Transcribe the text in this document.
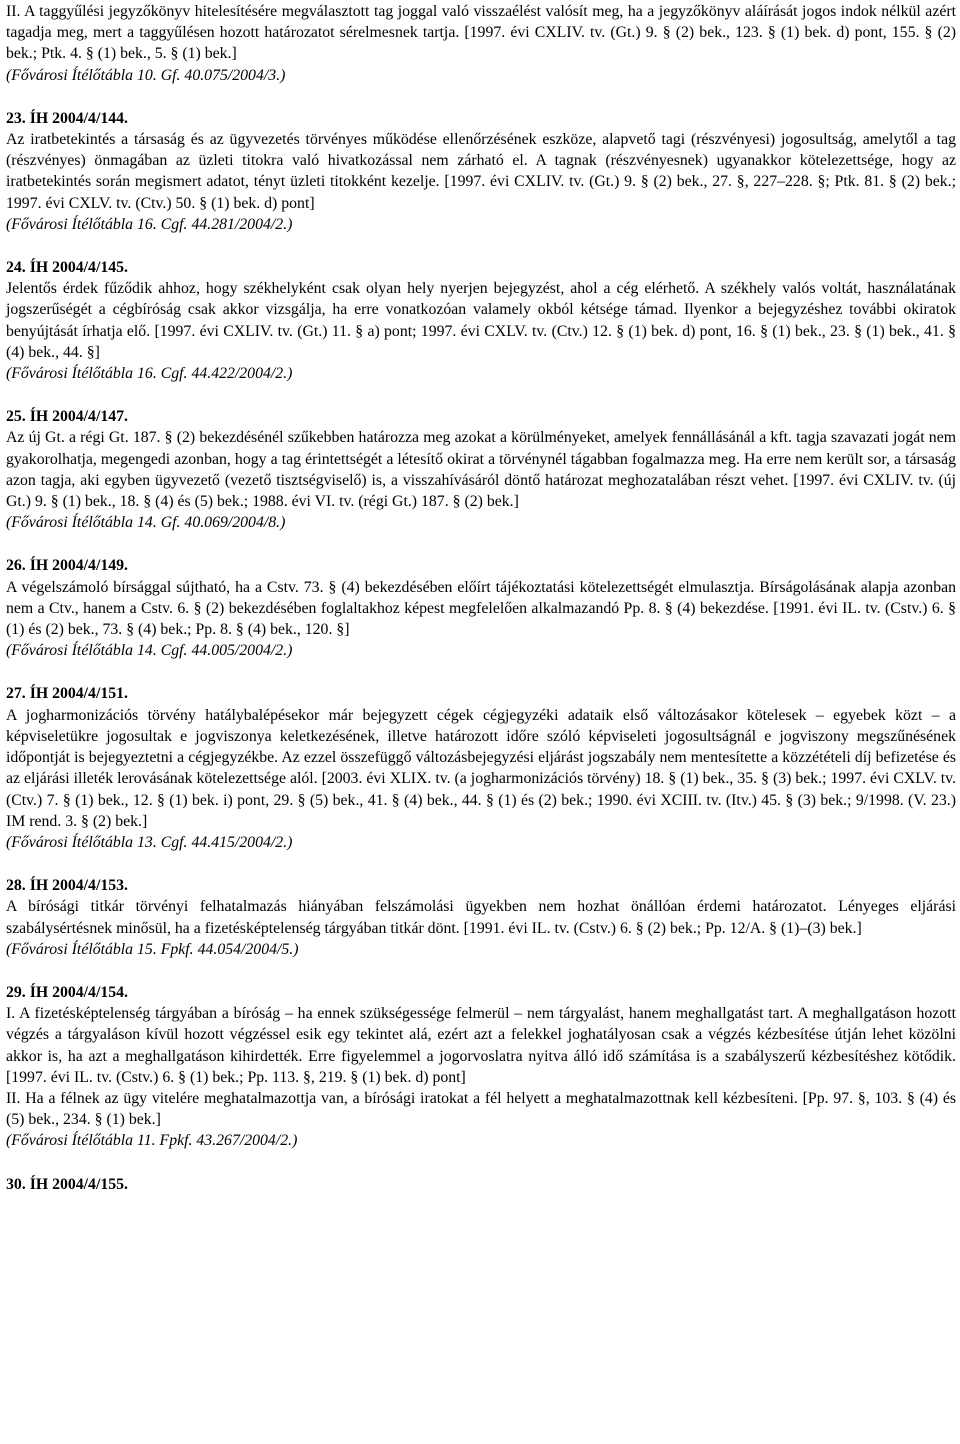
II. A taggyűlési jegyzőkönyv hitelesítésére megválasztott tag joggal való visszaélést valósít meg, ha a jegyzőkönyv aláírását jogos indok nélkül azért tagadja meg, mert a taggyűlésen hozott határozatot sérelmesnek tartja. [1997. évi CXLIV. tv. (Gt.) 9. § (2) bek., 123. § (1) bek. d) pont, 155. § (2) bek.; Ptk. 4. § (1) bek., 5. § (1) bek.]
(Fővárosi Ítélőtábla 10. Gf. 40.075/2004/3.)
23. ÍH 2004/4/144.
Az iratbetekintés a társaság és az ügyvezetés törvényes működése ellenőrzésének eszköze, alapvető tagi (részvényesi) jogosultság, amelytől a tag (részvényes) önmagában az üzleti titokra való hivatkozással nem zárható el. A tagnak (részvényesnek) ugyanakkor kötelezettsége, hogy az iratbetekintés során megismert adatot, tényt üzleti titokként kezelje. [1997. évi CXLIV. tv. (Gt.) 9. § (2) bek., 27. §, 227–228. §; Ptk. 81. § (2) bek.; 1997. évi CXLV. tv. (Ctv.) 50. § (1) bek. d) pont]
(Fővárosi Ítélőtábla 16. Cgf. 44.281/2004/2.)
24. ÍH 2004/4/145.
Jelentős érdek fűződik ahhoz, hogy székhelyként csak olyan hely nyerjen bejegyzést, ahol a cég elérhető. A székhely valós voltát, használatának jogszerűségét a cégbíróság csak akkor vizsgálja, ha erre vonatkozóan valamely okból kétsége támad. Ilyenkor a bejegyzéshez további okiratok benyújtását írhatja elő. [1997. évi CXLIV. tv. (Gt.) 11. § a) pont; 1997. évi CXLV. tv. (Ctv.) 12. § (1) bek. d) pont, 16. § (1) bek., 23. § (1) bek., 41. § (4) bek., 44. §]
(Fővárosi Ítélőtábla 16. Cgf. 44.422/2004/2.)
25. ÍH 2004/4/147.
Az új Gt. a régi Gt. 187. § (2) bekezdésénél szűkebben határozza meg azokat a körülményeket, amelyek fennállásánál a kft. tagja szavazati jogát nem gyakorolhatja, megengedi azonban, hogy a tag érintettségét a létesítő okirat a törvénynél tágabban fogalmazza meg. Ha erre nem került sor, a társaság azon tagja, aki egyben ügyvezető (vezető tisztségviselő) is, a visszahívásáról döntő határozat meghozatalában részt vehet. [1997. évi CXLIV. tv. (új Gt.) 9. § (1) bek., 18. § (4) és (5) bek.; 1988. évi VI. tv. (régi Gt.) 187. § (2) bek.]
(Fővárosi Ítélőtábla 14. Gf. 40.069/2004/8.)
26. ÍH 2004/4/149.
A végelszámoló bírsággal sújtható, ha a Cstv. 73. § (4) bekezdésében előírt tájékoztatási kötelezettségét elmulasztja. Bírságolásának alapja azonban nem a Ctv., hanem a Cstv. 6. § (2) bekezdésében foglaltakhoz képest megfelelően alkalmazandó Pp. 8. § (4) bekezdése. [1991. évi IL. tv. (Cstv.) 6. § (1) és (2) bek., 73. § (4) bek.; Pp. 8. § (4) bek., 120. §]
(Fővárosi Ítélőtábla 14. Cgf. 44.005/2004/2.)
27. ÍH 2004/4/151.
A jogharmonizációs törvény hatálybalépésekor már bejegyzett cégek cégjegyzéki adataik első változásakor kötelesek – egyebek közt – a képviseletükre jogosultak e jogviszonya keletkezésének, illetve határozott időre szóló képviseleti jogosultságnál e jogviszony megszűnésének időpontját is bejegyeztetni a cégjegyzékbe. Az ezzel összefüggő változásbejegyzési eljárást jogszabály nem mentesítette a közzétételi díj befizetése és az eljárási illeték lerovásának kötelezettsége alól. [2003. évi XLIX. tv. (a jogharmonizációs törvény) 18. § (1) bek., 35. § (3) bek.; 1997. évi CXLV. tv. (Ctv.) 7. § (1) bek., 12. § (1) bek. i) pont, 29. § (5) bek., 41. § (4) bek., 44. § (1) és (2) bek.; 1990. évi XCIII. tv. (Itv.) 45. § (3) bek.; 9/1998. (V. 23.) IM rend. 3. § (2) bek.]
(Fővárosi Ítélőtábla 13. Cgf. 44.415/2004/2.)
28. ÍH 2004/4/153.
A bírósági titkár törvényi felhatalmazás hiányában felszámolási ügyekben nem hozhat önállóan érdemi határozatot. Lényeges eljárási szabálysértésnek minősül, ha a fizetésképtelenség tárgyában titkár dönt. [1991. évi IL. tv. (Cstv.) 6. § (2) bek.; Pp. 12/A. § (1)–(3) bek.]
(Fővárosi Ítélőtábla 15. Fpkf. 44.054/2004/5.)
29. ÍH 2004/4/154.
I. A fizetésképtelenség tárgyában a bíróság – ha ennek szükségessége felmerül – nem tárgyalást, hanem meghallgatást tart. A meghallgatáson hozott végzés a tárgyaláson kívül hozott végzéssel esik egy tekintet alá, ezért azt a felekkel joghatályosan csak a végzés kézbesítése útján lehet közölni akkor is, ha azt a meghallgatáson kihirdették. Erre figyelemmel a jogorvoslatra nyitva álló idő számítása is a szabályszerű kézbesítéshez kötődik. [1997. évi IL. tv. (Cstv.) 6. § (1) bek.; Pp. 113. §, 219. § (1) bek. d) pont]
II. Ha a félnek az ügy vitelére meghatalmazottja van, a bírósági iratokat a fél helyett a meghatalmazottnak kell kézbesíteni. [Pp. 97. §, 103. § (4) és (5) bek., 234. § (1) bek.]
(Fővárosi Ítélőtábla 11. Fpkf. 43.267/2004/2.)
30. ÍH 2004/4/155.
